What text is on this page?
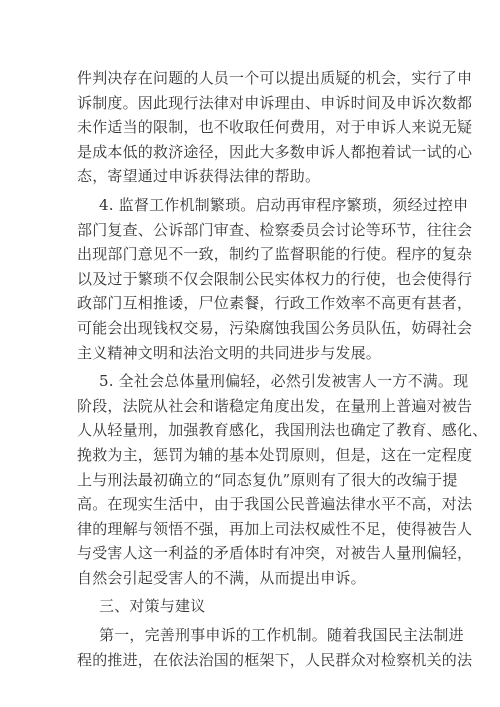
件判决存在问题的人员一个可以提出质疑的机会，实行了申
诉制度。因此现行法律对申诉理由、申诉时间及申诉次数都
未作适当的限制，也不收取任何费用，对于申诉人来说无疑
是成本低的救济途径，因此大多数申诉人都抱着试一试的心
态，寄望通过申诉获得法律的帮助。
4. 监督工作机制繁琐。启动再审程序繁琐，须经过控申
部门复查、公诉部门审查、检察委员会讨论等环节，往往会
出现部门意见不一致，制约了监督职能的行使。程序的复杂
以及过于繁琐不仅会限制公民实体权力的行使，也会使得行
政部门互相推诿，尸位素餐，行政工作效率不高更有甚者，
可能会出现钱权交易，污染腐蚀我国公务员队伍，妨碍社会
主义精神文明和法治文明的共同进步与发展。
5. 全社会总体量刑偏轻，必然引发被害人一方不满。现
阶段，法院从社会和谐稳定角度出发，在量刑上普遍对被告
人从轻量刑，加强教育感化，我国刑法也确定了教育、感化、
挽救为主，惩罚为辅的基本处罚原则，但是，这在一定程度
上与刑法最初确立的“同态复仇”原则有了很大的改编于提
高。在现实生活中，由于我国公民普遍法律水平不高，对法
律的理解与领悟不强，再加上司法权威性不足，使得被告人
与受害人这一利益的矛盾体时有冲突，对被告人量刑偏轻，
自然会引起受害人的不满，从而提出申诉。
三、对策与建议
第一，完善刑事申诉的工作机制。随着我国民主法制进
程的推进，在依法治国的框架下，人民群众对检察机关的法
